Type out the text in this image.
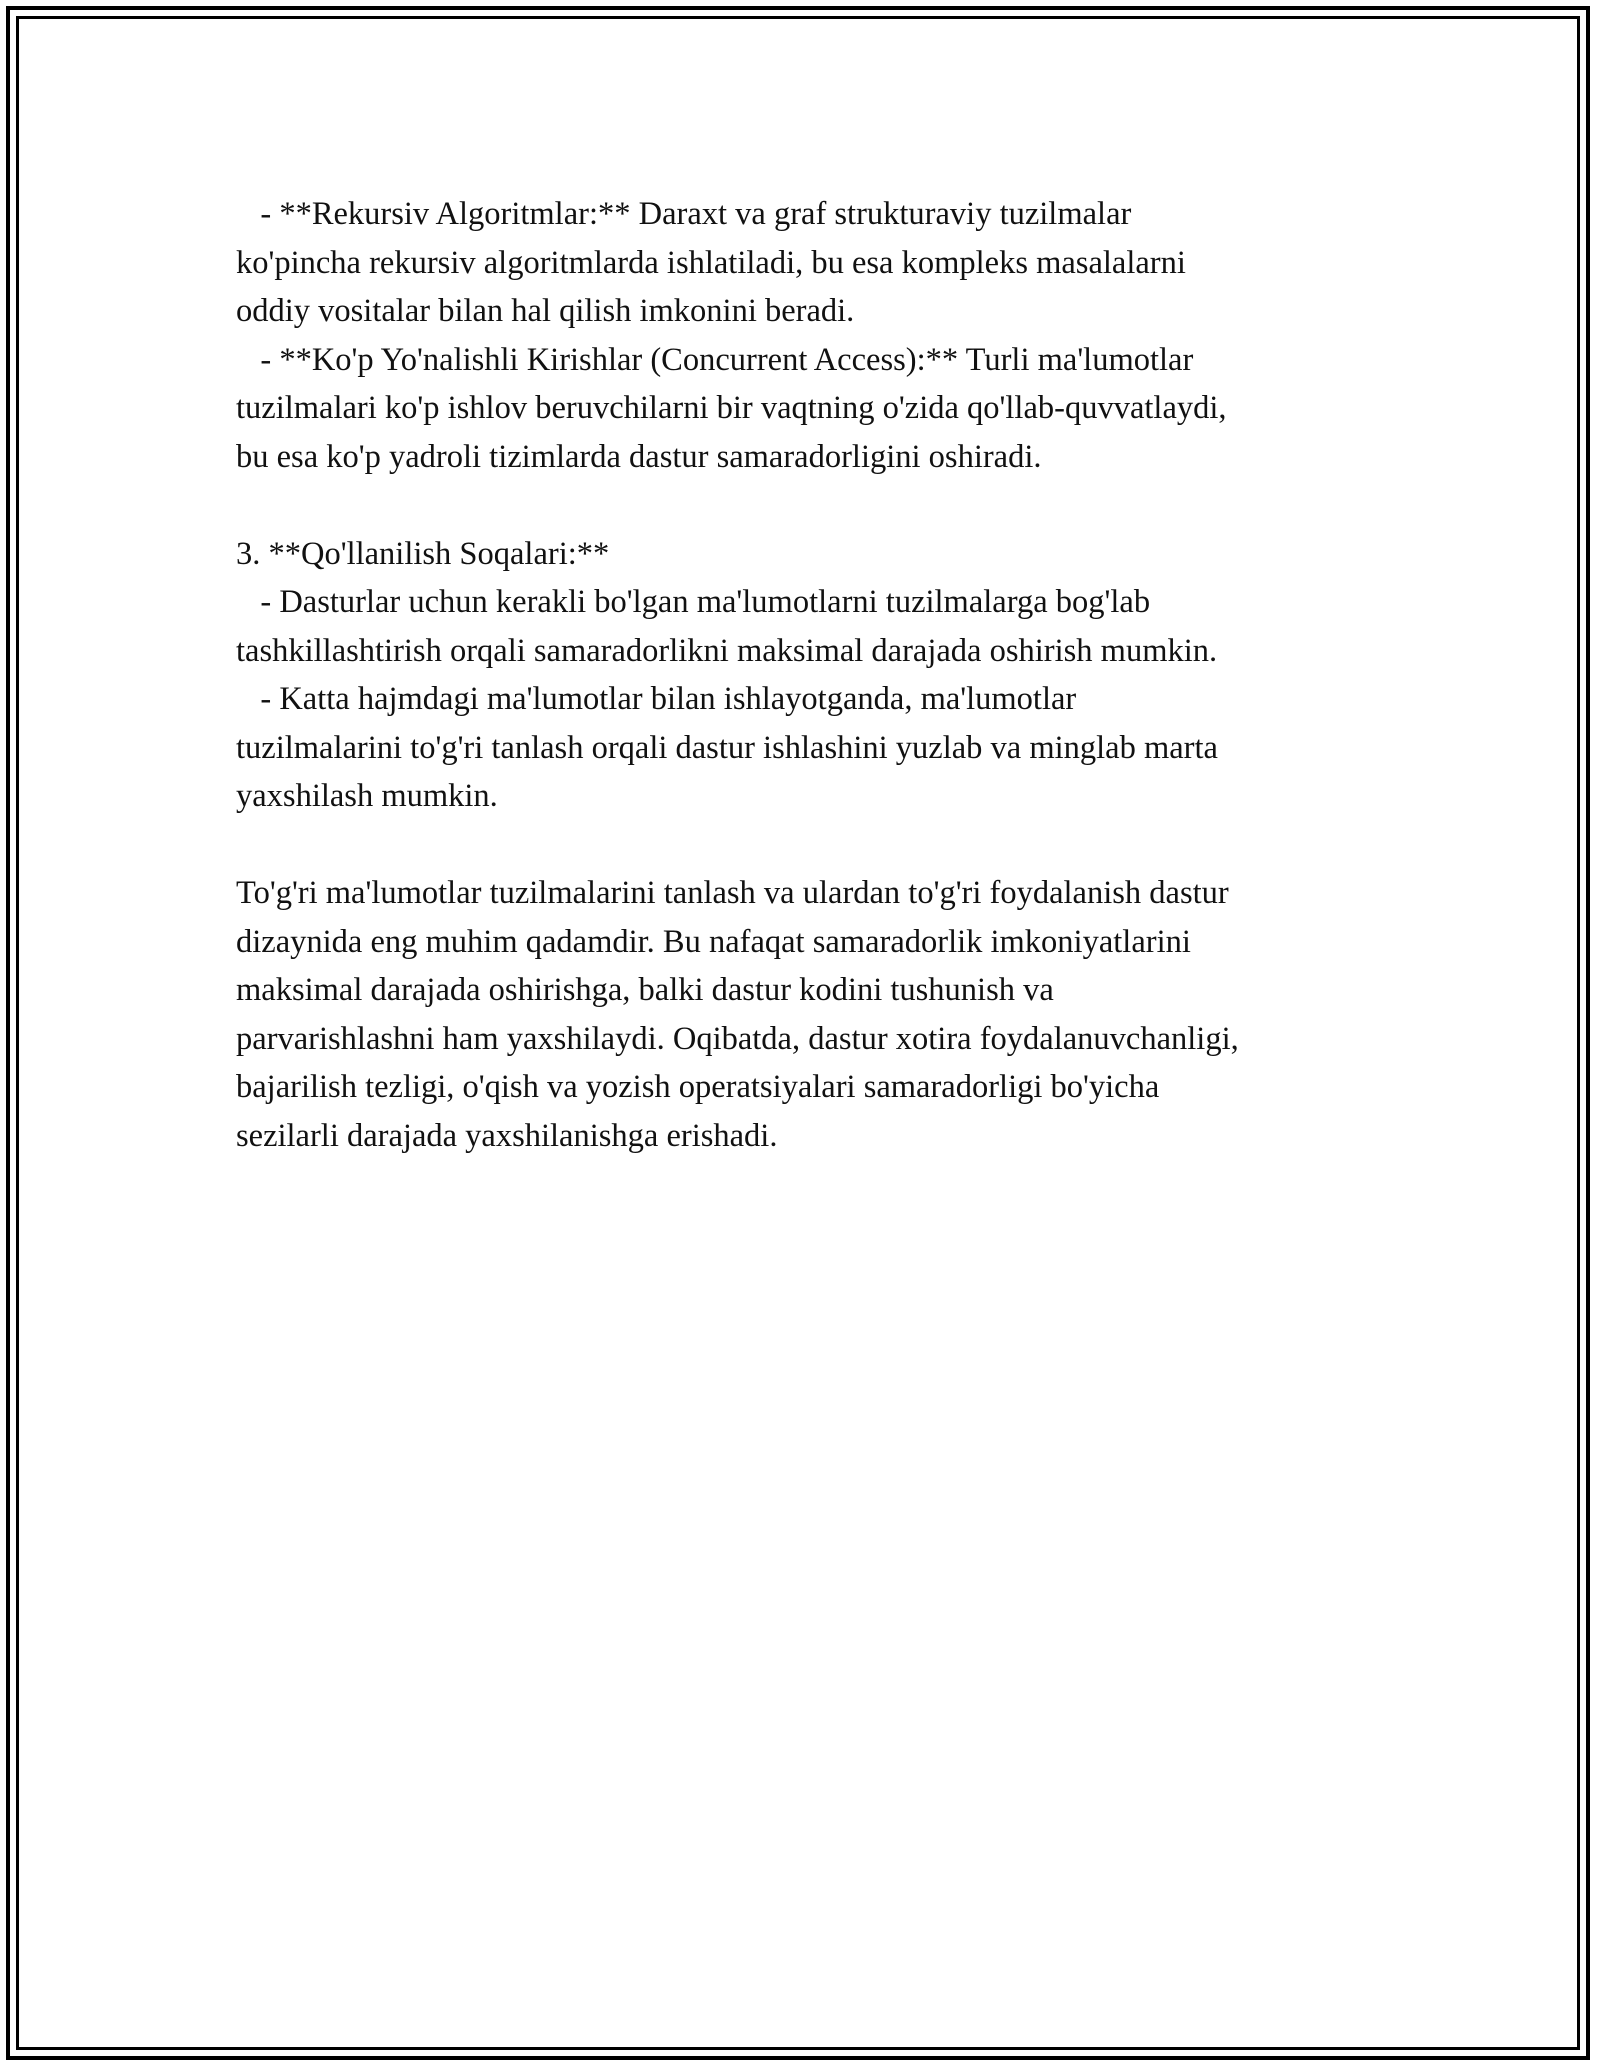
- **Rekursiv Algoritmlar:** Daraxt va graf strukturaviy tuzilmalar
ko'pincha rekursiv algoritmlarda ishlatiladi, bu esa kompleks masalalarni
oddiy vositalar bilan hal qilish imkonini beradi.
- **Ko'p Yo'nalishli Kirishlar (Concurrent Access):** Turli ma'lumotlar
tuzilmalari ko'p ishlov beruvchilarni bir vaqtning o'zida qo'llab-quvvatlaydi,
bu esa ko'p yadroli tizimlarda dastur samaradorligini oshiradi.
3. **Qo'llanilish Soqalari:**
- Dasturlar uchun kerakli bo'lgan ma'lumotlarni tuzilmalarga bog'lab
tashkillashtirish orqali samaradorlikni maksimal darajada oshirish mumkin.
- Katta hajmdagi ma'lumotlar bilan ishlayotganda, ma'lumotlar
tuzilmalarini to'g'ri tanlash orqali dastur ishlashini yuzlab va minglab marta
yaxshilash mumkin.
To'g'ri ma'lumotlar tuzilmalarini tanlash va ulardan to'g'ri foydalanish dastur
dizaynida eng muhim qadamdir. Bu nafaqat samaradorlik imkoniyatlarini
maksimal darajada oshirishga, balki dastur kodini tushunish va
parvarishlashni ham yaxshilaydi. Oqibatda, dastur xotira foydalanuvchanligi,
bajarilish tezligi, o'qish va yozish operatsiyalari samaradorligi bo'yicha
sezilarli darajada yaxshilanishga erishadi.
